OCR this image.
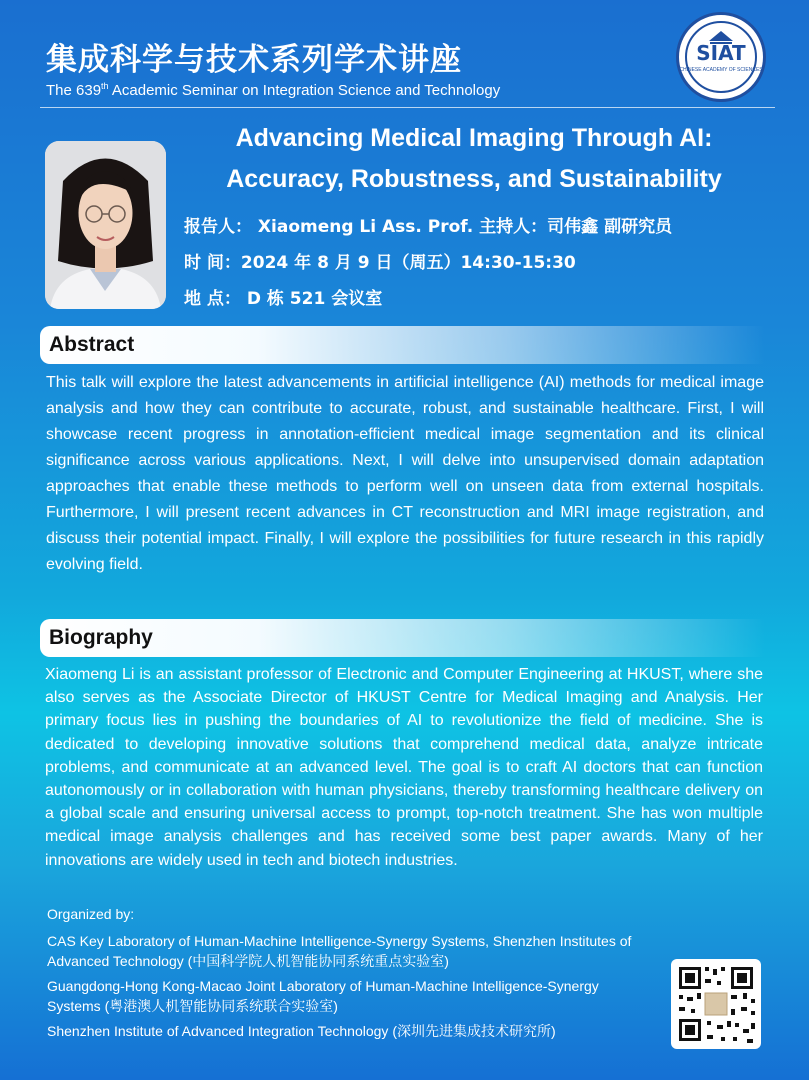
集成科学与技术系列学术讲座
The 639th Academic Seminar on Integration Science and Technology
SIAT
CHINESE ACADEMY OF SCIENCES
Advancing Medical Imaging Through AI:
Accuracy, Robustness, and Sustainability
报告人： Xiaomeng Li Ass. Prof. 主持人：司伟鑫 副研究员
时 间：2024 年 8 月 9 日（周五）14:30-15:30
地 点： D 栋 521 会议室
Abstract
This talk will explore the latest advancements in artificial intelligence (AI) methods for medical image analysis and how they can contribute to accurate, robust, and sustainable healthcare. First, I will showcase recent progress in annotation-efficient medical image segmentation and its clinical significance across various applications. Next, I will delve into unsupervised domain adaptation approaches that enable these methods to perform well on unseen data from external hospitals. Furthermore, I will present recent advances in CT reconstruction and MRI image registration, and discuss their potential impact. Finally, I will explore the possibilities for future research in this rapidly evolving field.
Biography
Xiaomeng Li is an assistant professor of Electronic and Computer Engineering at HKUST, where she also serves as the Associate Director of HKUST Centre for Medical Imaging and Analysis. Her primary focus lies in pushing the boundaries of AI to revolutionize the field of medicine. She is dedicated to developing innovative solutions that comprehend medical data, analyze intricate problems, and communicate at an advanced level. The goal is to craft AI doctors that can function autonomously or in collaboration with human physicians, thereby transforming healthcare delivery on a global scale and ensuring universal access to prompt, top-notch treatment. She has won multiple medical image analysis challenges and has received some best paper awards. Many of her innovations are widely used in tech and biotech industries.
Organized by:
CAS Key Laboratory of Human-Machine Intelligence-Synergy Systems, Shenzhen Institutes of Advanced Technology (中国科学院人机智能协同系统重点实验室)
Guangdong-Hong Kong-Macao Joint Laboratory of Human-Machine Intelligence-Synergy Systems (粤港澳人机智能协同系统联合实验室)
Shenzhen Institute of Advanced Integration Technology (深圳先进集成技术研究所)
